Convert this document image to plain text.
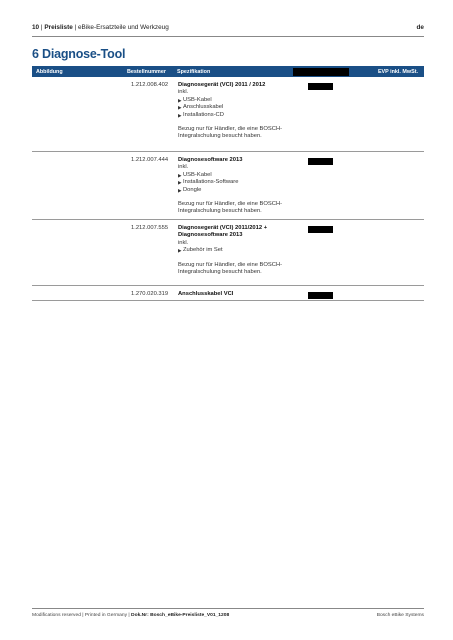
10 | Preisliste | eBike-Ersatzteile und Werkzeug	de
6 Diagnose-Tool
Abbildung	Bestellnummer Spezifikation	EVP inkl. MwSt.
1.212.008.402 Diagnosegerät (VCI) 2011 / 2012
inkl.
▶ USB-Kabel
▶ Anschlusskabel
▶ Installations-CD
Bezug nur für Händler, die eine BOSCH-Integralschulung besucht haben.
1.212.007.444 Diagnosesoftware 2013
inkl.
▶ USB-Kabel
▶ Installations-Software
▶ Dongle
Bezug nur für Händler, die eine BOSCH-Integralschulung besucht haben.
1.212.007.555 Diagnosegerät (VCI) 2011/2012 + Diagnosesoftware 2013
inkl.
▶ Zubehör im Set
Bezug nur für Händler, die eine BOSCH-Integralschulung besucht haben.
1.270.020.319 Anschlusskabel VCI
Modifications reserved | Printed in Germany | Dok.Nr: Bosch_eBike-Preisliste_V01_1208	Bosch eBike Systems
